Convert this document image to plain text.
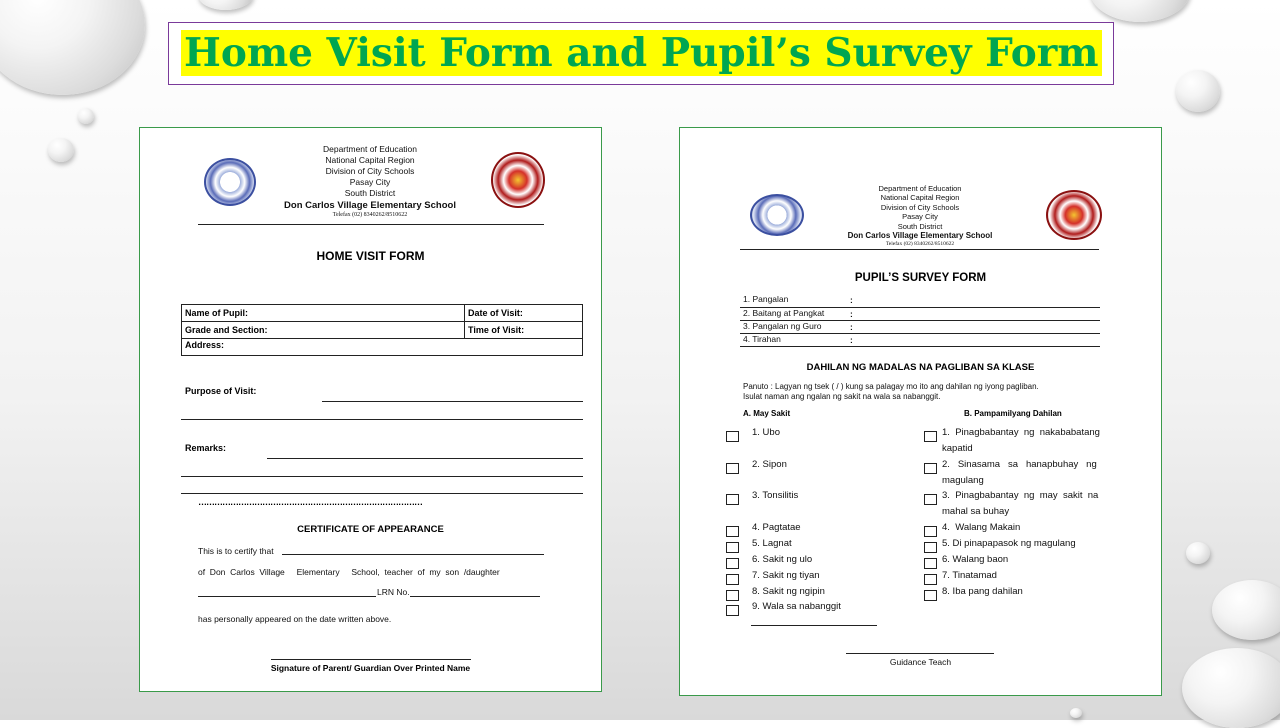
Home Visit Form and Pupil’s Survey Form
Department of Education
National Capital Region
Division of City Schools
Pasay City
South District
Don Carlos Village Elementary School
Telefax (02) 8340262/8510622
HOME VISIT FORM
Name of Pupil:	Date of Visit:
Grade and Section:	Time of Visit:
Address:	
Purpose of Visit:
Remarks:
…………………………………………………………………………
CERTIFICATE OF APPEARANCE
This is to certify that
of  Don  Carlos  Village     Elementary     School,  teacher  of  my  son  /daughter
LRN No.
has personally appeared on the date written above.
Signature of Parent/ Guardian Over Printed Name
Department of Education
National Capital Region
Division of City Schools
Pasay City
South District
Don Carlos Village Elementary School
Telefax (02) 8340262/8510622
PUPIL’S SURVEY FORM
1. Pangalan	:
2. Baitang at Pangkat	:
3. Pangalan ng Guro	:
4. Tirahan	:
DAHILAN NG MADALAS NA PAGLIBAN SA KLASE
Panuto : Lagyan ng tsek ( / ) kung sa palagay mo ito ang dahilan ng iyong pagliban.
Isulat naman ang ngalan ng sakit na wala sa nabanggit.
A. May Sakit	B. Pampamilyang Dahilan
1. Ubo
2. Sipon
3. Tonsilitis
4. Pagtatae
5. Lagnat
6. Sakit ng ulo
7. Sakit ng tiyan
8. Sakit ng ngipin
9. Wala sa nabanggit
1.  Pinagbabantay  ng  nakababatang
kapatid
2.   Sinasama   sa   hanapbuhay   ng
magulang
3.  Pinagbabantay  ng  may  sakit  na
mahal sa buhay
4.  Walang Makain
5. Di pinapapasok ng magulang
6. Walang baon
7. Tinatamad
8. Iba pang dahilan
Guidance Teach
